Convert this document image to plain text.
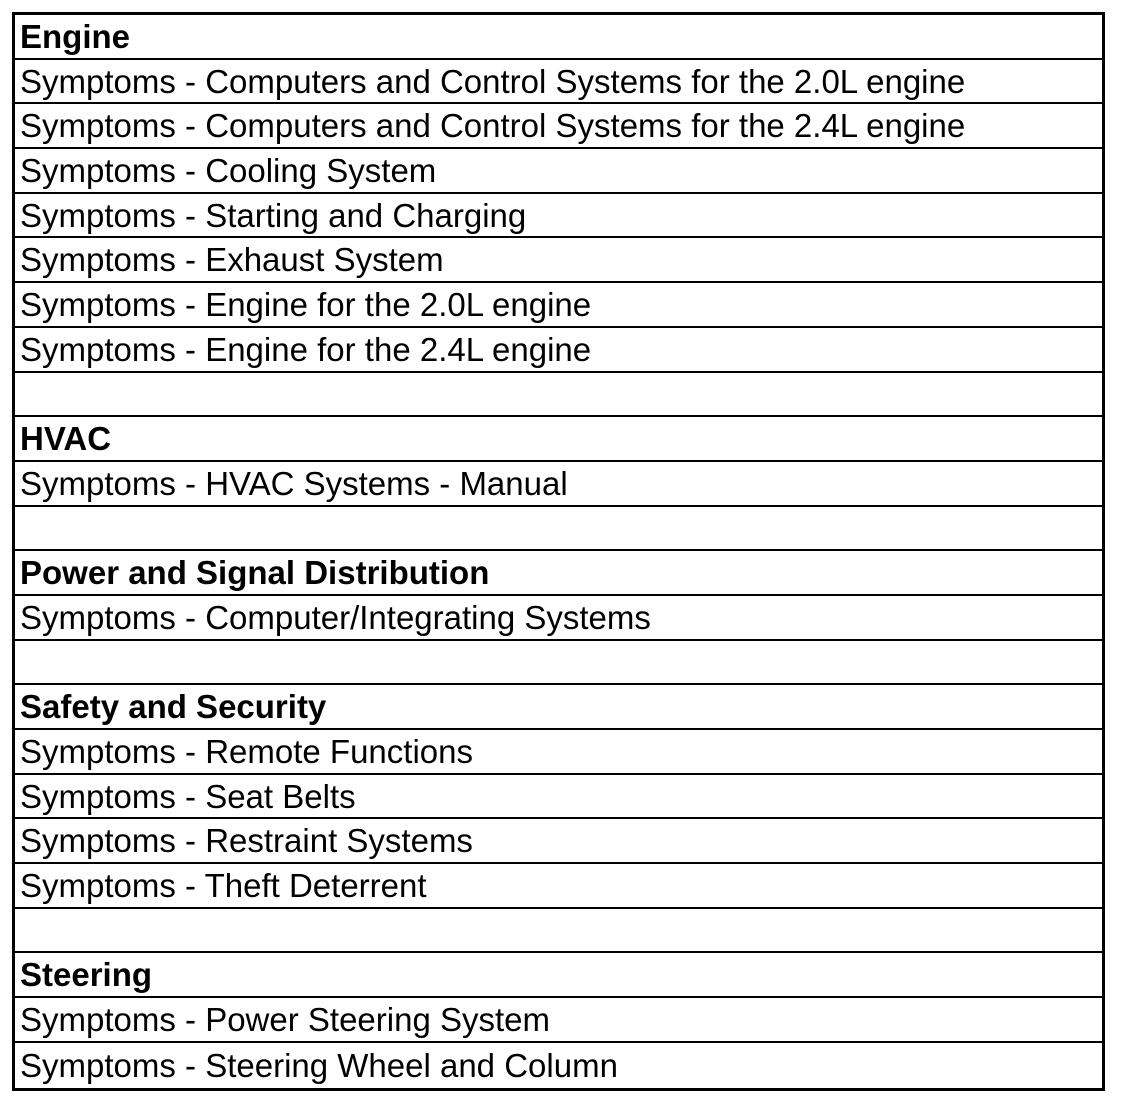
Engine
Symptoms - Computers and Control Systems for the 2.0L engine
Symptoms - Computers and Control Systems for the 2.4L engine
Symptoms - Cooling System
Symptoms - Starting and Charging
Symptoms - Exhaust System
Symptoms - Engine for the 2.0L engine
Symptoms - Engine for the 2.4L engine
HVAC
Symptoms - HVAC Systems - Manual
Power and Signal Distribution
Symptoms - Computer/Integrating Systems
Safety and Security
Symptoms - Remote Functions
Symptoms - Seat Belts
Symptoms - Restraint Systems
Symptoms - Theft Deterrent
Steering
Symptoms - Power Steering System
Symptoms - Steering Wheel and Column
